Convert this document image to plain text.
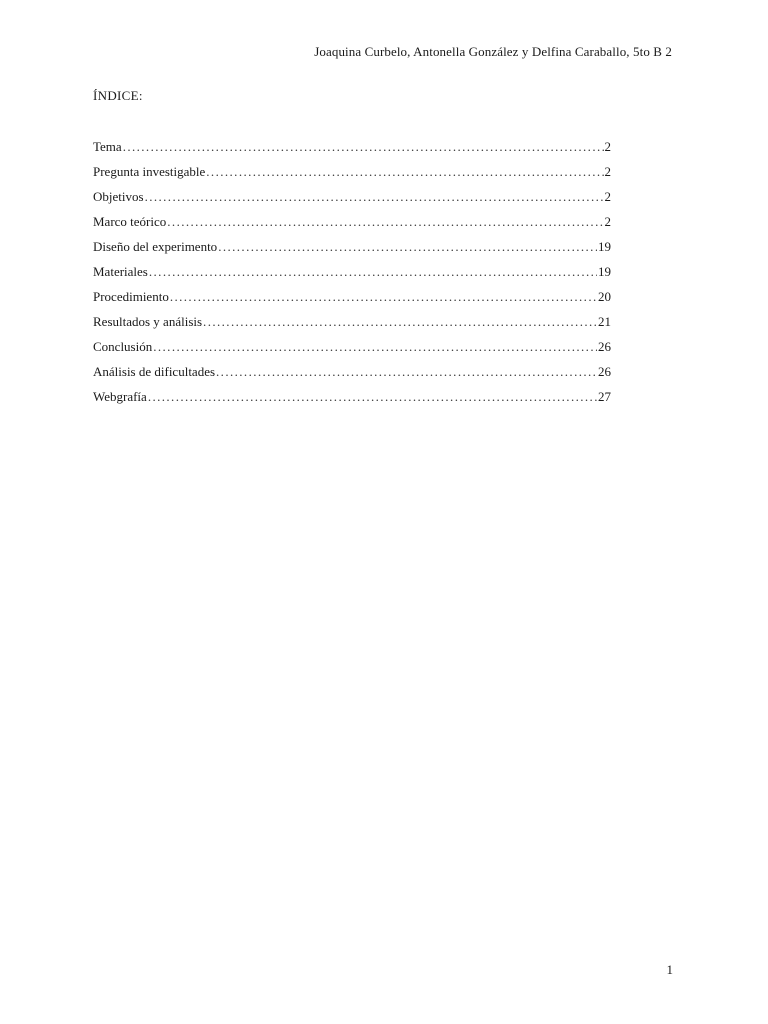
Joaquina Curbelo, Antonella González y Delfina Caraballo, 5to B 2
ÍNDICE:
Tema .....	2
Pregunta investigable .....	2
Objetivos .....	2
Marco teórico .....	2
Diseño del experimento .....	19
Materiales .....	19
Procedimiento .....	20
Resultados y análisis .....	21
Conclusión .....	26
Análisis de dificultades .....	26
Webgrafía .....	27
1
